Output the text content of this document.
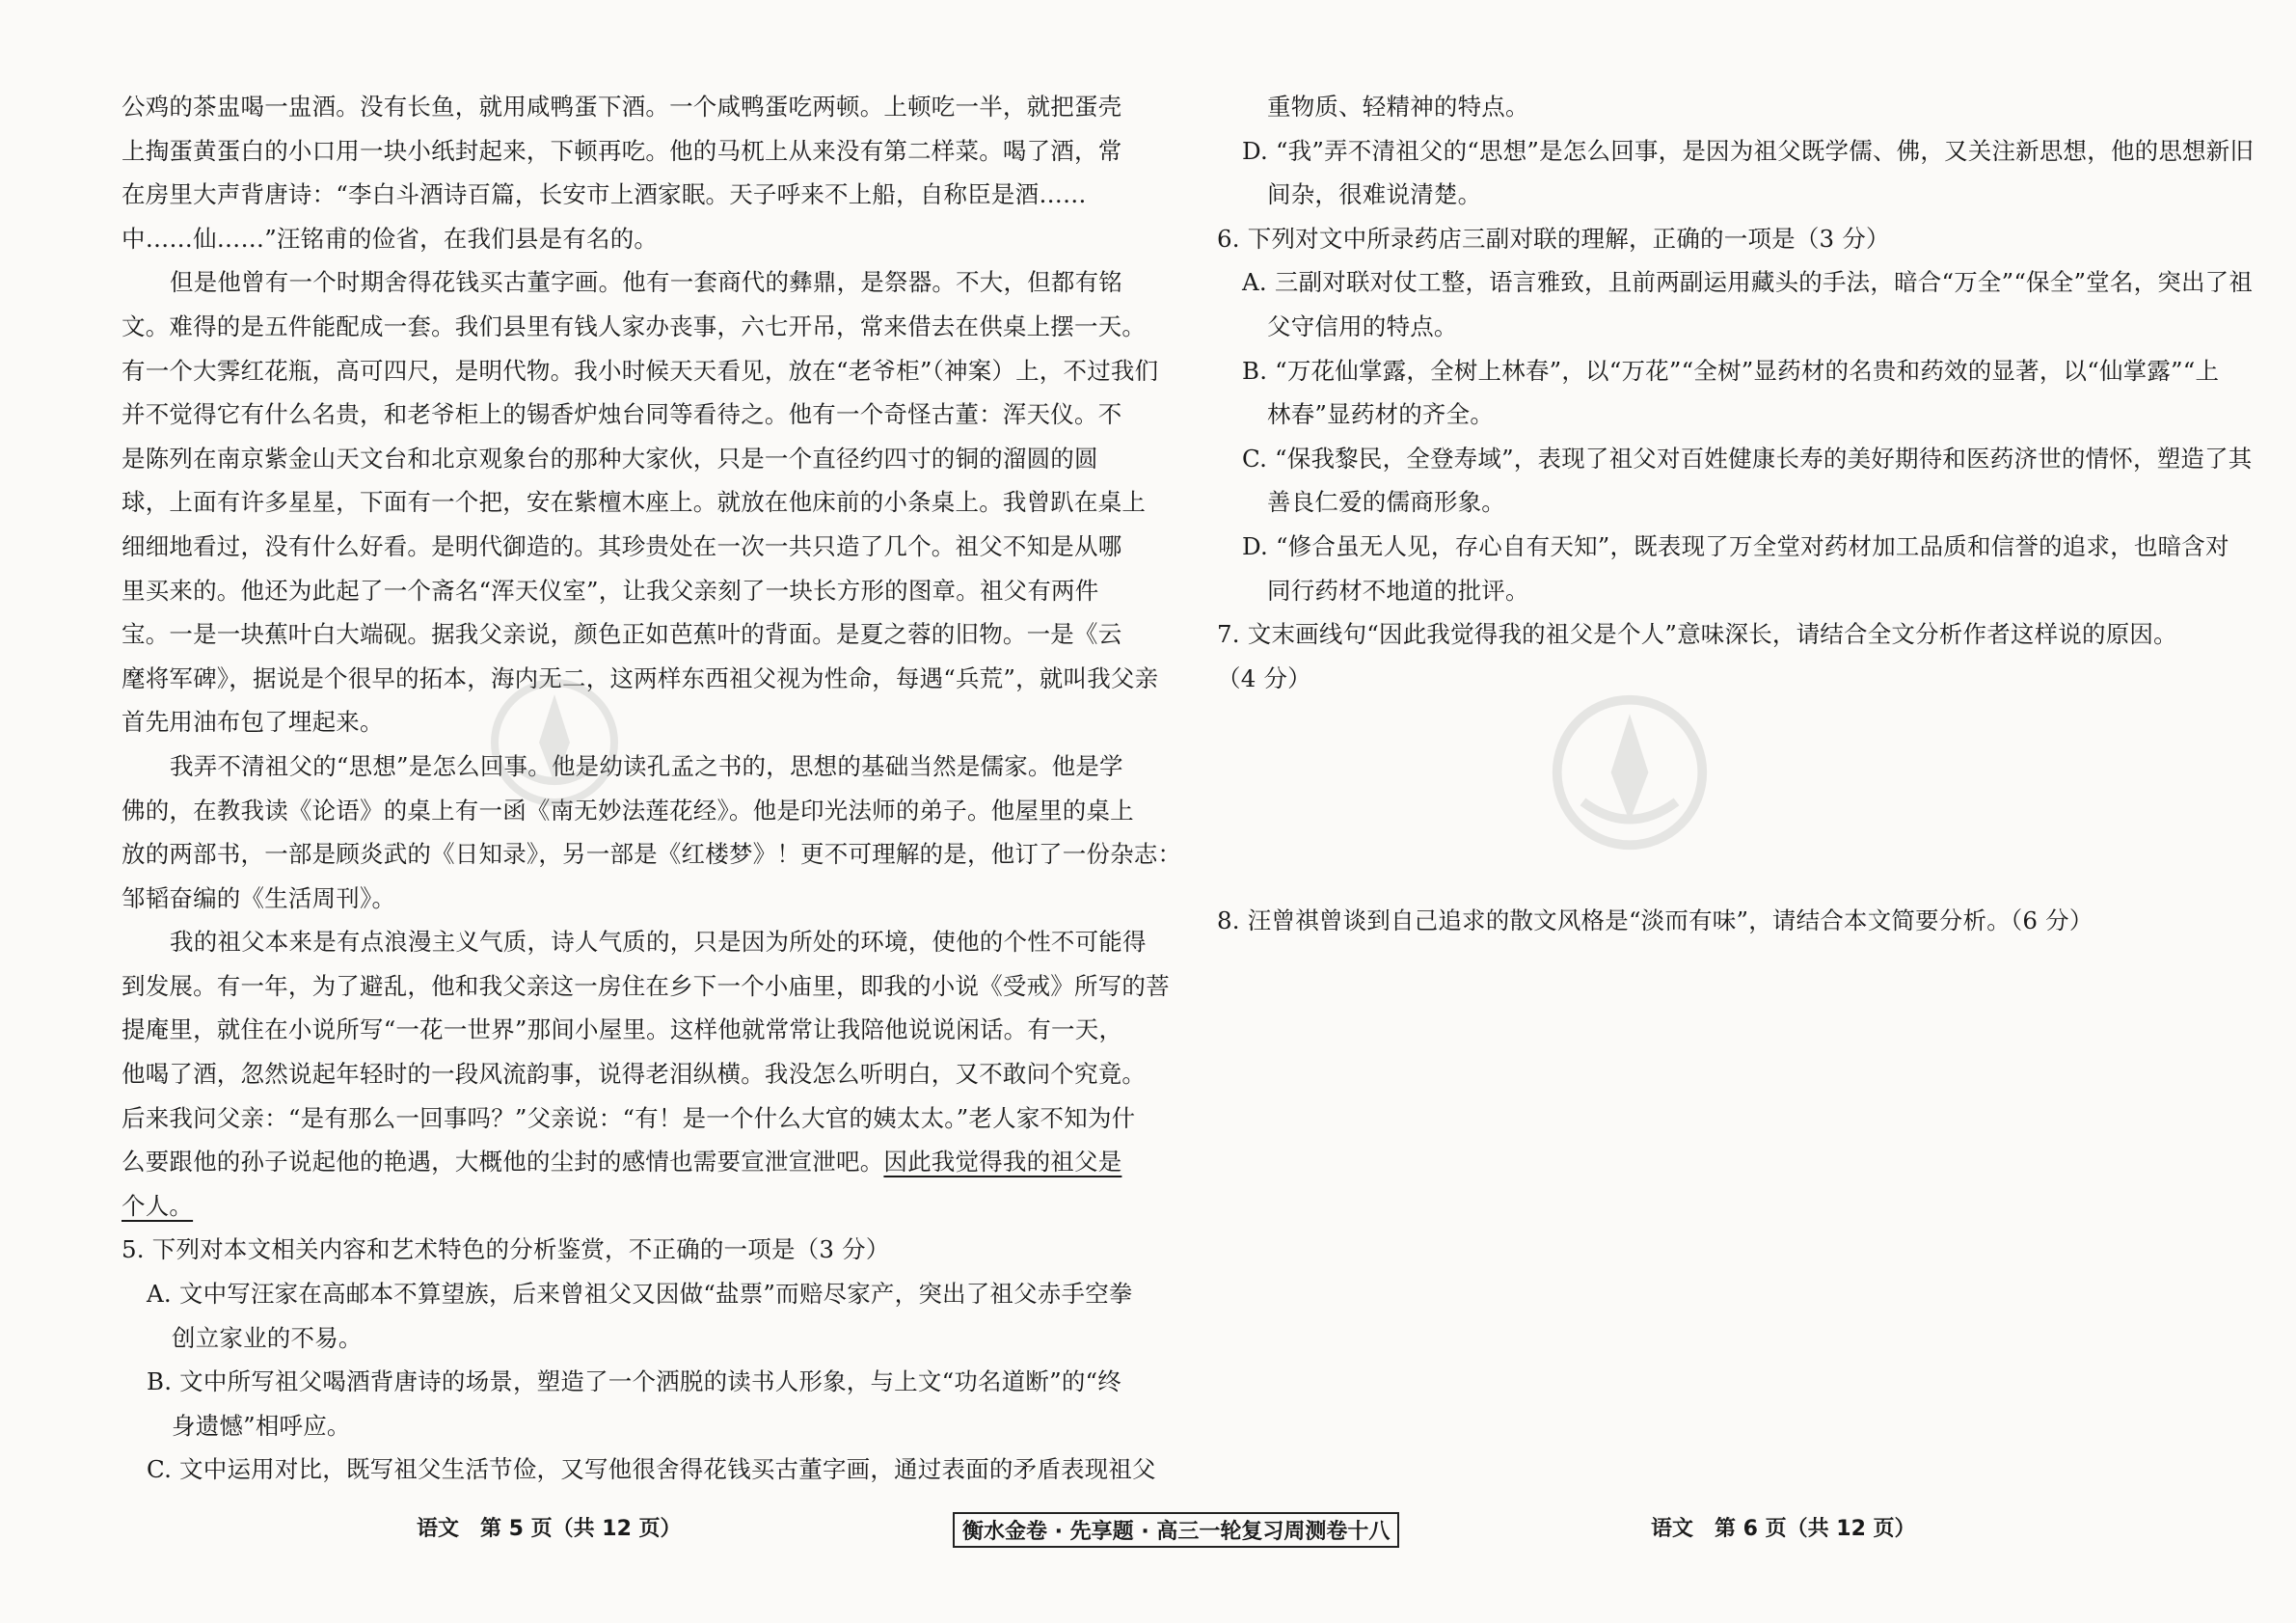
公鸡的茶盅喝一盅酒。没有长鱼，就用咸鸭蛋下酒。一个咸鸭蛋吃两顿。上顿吃一半，就把蛋壳
上掏蛋黄蛋白的小口用一块小纸封起来，下顿再吃。他的马杌上从来没有第二样菜。喝了酒，常
在房里大声背唐诗：“李白斗酒诗百篇，长安市上酒家眠。天子呼来不上船，自称臣是酒……
中……仙……”汪铭甫的俭省，在我们县是有名的。
但是他曾有一个时期舍得花钱买古董字画。他有一套商代的彝鼎，是祭器。不大，但都有铭
文。难得的是五件能配成一套。我们县里有钱人家办丧事，六七开吊，常来借去在供桌上摆一天。
有一个大霁红花瓶，高可四尺，是明代物。我小时候天天看见，放在“老爷柜”（神案）上，不过我们
并不觉得它有什么名贵，和老爷柜上的锡香炉烛台同等看待之。他有一个奇怪古董：浑天仪。不
是陈列在南京紫金山天文台和北京观象台的那种大家伙，只是一个直径约四寸的铜的溜圆的圆
球，上面有许多星星，下面有一个把，安在紫檀木座上。就放在他床前的小条桌上。我曾趴在桌上
细细地看过，没有什么好看。是明代御造的。其珍贵处在一次一共只造了几个。祖父不知是从哪
里买来的。他还为此起了一个斋名“浑天仪室”，让我父亲刻了一块长方形的图章。祖父有两件
宝。一是一块蕉叶白大端砚。据我父亲说，颜色正如芭蕉叶的背面。是夏之蓉的旧物。一是《云
麾将军碑》，据说是个很早的拓本，海内无二，这两样东西祖父视为性命，每遇“兵荒”，就叫我父亲
首先用油布包了埋起来。
我弄不清祖父的“思想”是怎么回事。他是幼读孔孟之书的，思想的基础当然是儒家。他是学
佛的，在教我读《论语》的桌上有一函《南无妙法莲花经》。他是印光法师的弟子。他屋里的桌上
放的两部书，一部是顾炎武的《日知录》，另一部是《红楼梦》！更不可理解的是，他订了一份杂志：
邹韬奋编的《生活周刊》。
我的祖父本来是有点浪漫主义气质，诗人气质的，只是因为所处的环境，使他的个性不可能得
到发展。有一年，为了避乱，他和我父亲这一房住在乡下一个小庙里，即我的小说《受戒》所写的菩
提庵里，就住在小说所写“一花一世界”那间小屋里。这样他就常常让我陪他说说闲话。有一天，
他喝了酒，忽然说起年轻时的一段风流韵事，说得老泪纵横。我没怎么听明白，又不敢问个究竟。
后来我问父亲：“是有那么一回事吗？”父亲说：“有！是一个什么大官的姨太太。”老人家不知为什
么要跟他的孙子说起他的艳遇，大概他的尘封的感情也需要宣泄宣泄吧。因此我觉得我的祖父是
个人。
5. 下列对本文相关内容和艺术特色的分析鉴赏，不正确的一项是（3 分）
A. 文中写汪家在高邮本不算望族，后来曾祖父又因做“盐票”而赔尽家产，突出了祖父赤手空拳
创立家业的不易。
B. 文中所写祖父喝酒背唐诗的场景，塑造了一个洒脱的读书人形象，与上文“功名道断”的“终
身遗憾”相呼应。
C. 文中运用对比，既写祖父生活节俭，又写他很舍得花钱买古董字画，通过表面的矛盾表现祖父
重物质、轻精神的特点。
D. “我”弄不清祖父的“思想”是怎么回事，是因为祖父既学儒、佛，又关注新思想，他的思想新旧
间杂，很难说清楚。
6. 下列对文中所录药店三副对联的理解，正确的一项是（3 分）
A. 三副对联对仗工整，语言雅致，且前两副运用藏头的手法，暗合“万全”“保全”堂名，突出了祖
父守信用的特点。
B. “万花仙掌露，全树上林春”，以“万花”“全树”显药材的名贵和药效的显著，以“仙掌露”“上
林春”显药材的齐全。
C. “保我黎民，全登寿域”，表现了祖父对百姓健康长寿的美好期待和医药济世的情怀，塑造了其
善良仁爱的儒商形象。
D. “修合虽无人见，存心自有天知”，既表现了万全堂对药材加工品质和信誉的追求，也暗含对
同行药材不地道的批评。
7. 文末画线句“因此我觉得我的祖父是个人”意味深长，请结合全文分析作者这样说的原因。
（4 分）
8. 汪曾祺曾谈到自己追求的散文风格是“淡而有味”，请结合本文简要分析。（6 分）
语文　第 5 页（共 12 页）	衡水金卷 · 先享题 · 高三一轮复习周测卷十八	语文　第 6 页（共 12 页）
